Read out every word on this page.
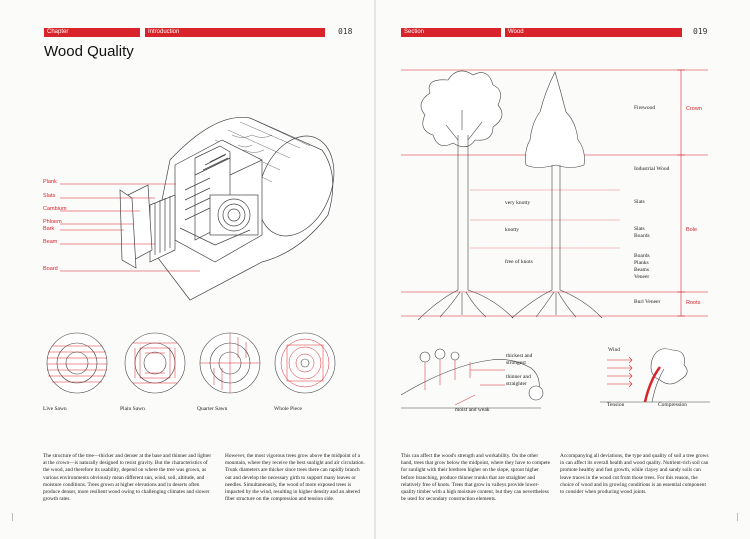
Chapter	Introduction	018
Wood Quality
Section	Wood	019
Plank
Slats
Cambium
Phloem
Bark
Beam
Board
Live Sawn	Plain Sawn	Quarter Sawn	Whole Piece
The structure of the tree—thicker and denser at the base and thinner and lighter at the crown—is naturally designed to resist gravity. But the characteristics of the wood, and therefore its usability, depend on where the tree was grown, as various environments obviously mean different sun, wind, soil, altitude, and moisture conditions. Trees grown at higher elevations and in deserts often produce denser, more resilient wood owing to challenging climates and slower growth rates.
However, the most vigorous trees grow above the midpoint of a mountain, where they receive the best sunlight and air circulation. Trunk diameters are thicker since trees there can rapidly branch out and develop the necessary girth to support many leaves or needles. Simultaneously, the wood of more exposed trees is impacted by the wind, resulting in higher density and an altered fiber structure on the compression and tension side.
very knotty
knotty
free of knots
Firewood
Industrial Wood
Slats
Slats
Boards
Boards
Planks
Beams
Veneer
Burl Veneer
Crown
Bole
Roots
thickest and
strongest
thinner and
straighter
moist and weak
Wind
Tension	Compression
This can affect the wood's strength and workability. On the other hand, trees that grow below the midpoint, where they have to compete for sunlight with their brethren higher on the slope, sprout higher before branching, produce thinner trunks that are straighter and relatively free of knots. Trees that grow in valleys provide lower-quality timber with a high moisture content, but they can nevertheless be used for secondary construction elements.
Accompanying all deviations, the type and quality of soil a tree grows in can affect its overall health and wood quality. Nutrient-rich soil can promote healthy and fast growth, while clayey and sandy soils can leave traces in the wood cut from those trees. For this reason, the choice of wood and its growing conditions is an essential component to consider when producing wood joints.
